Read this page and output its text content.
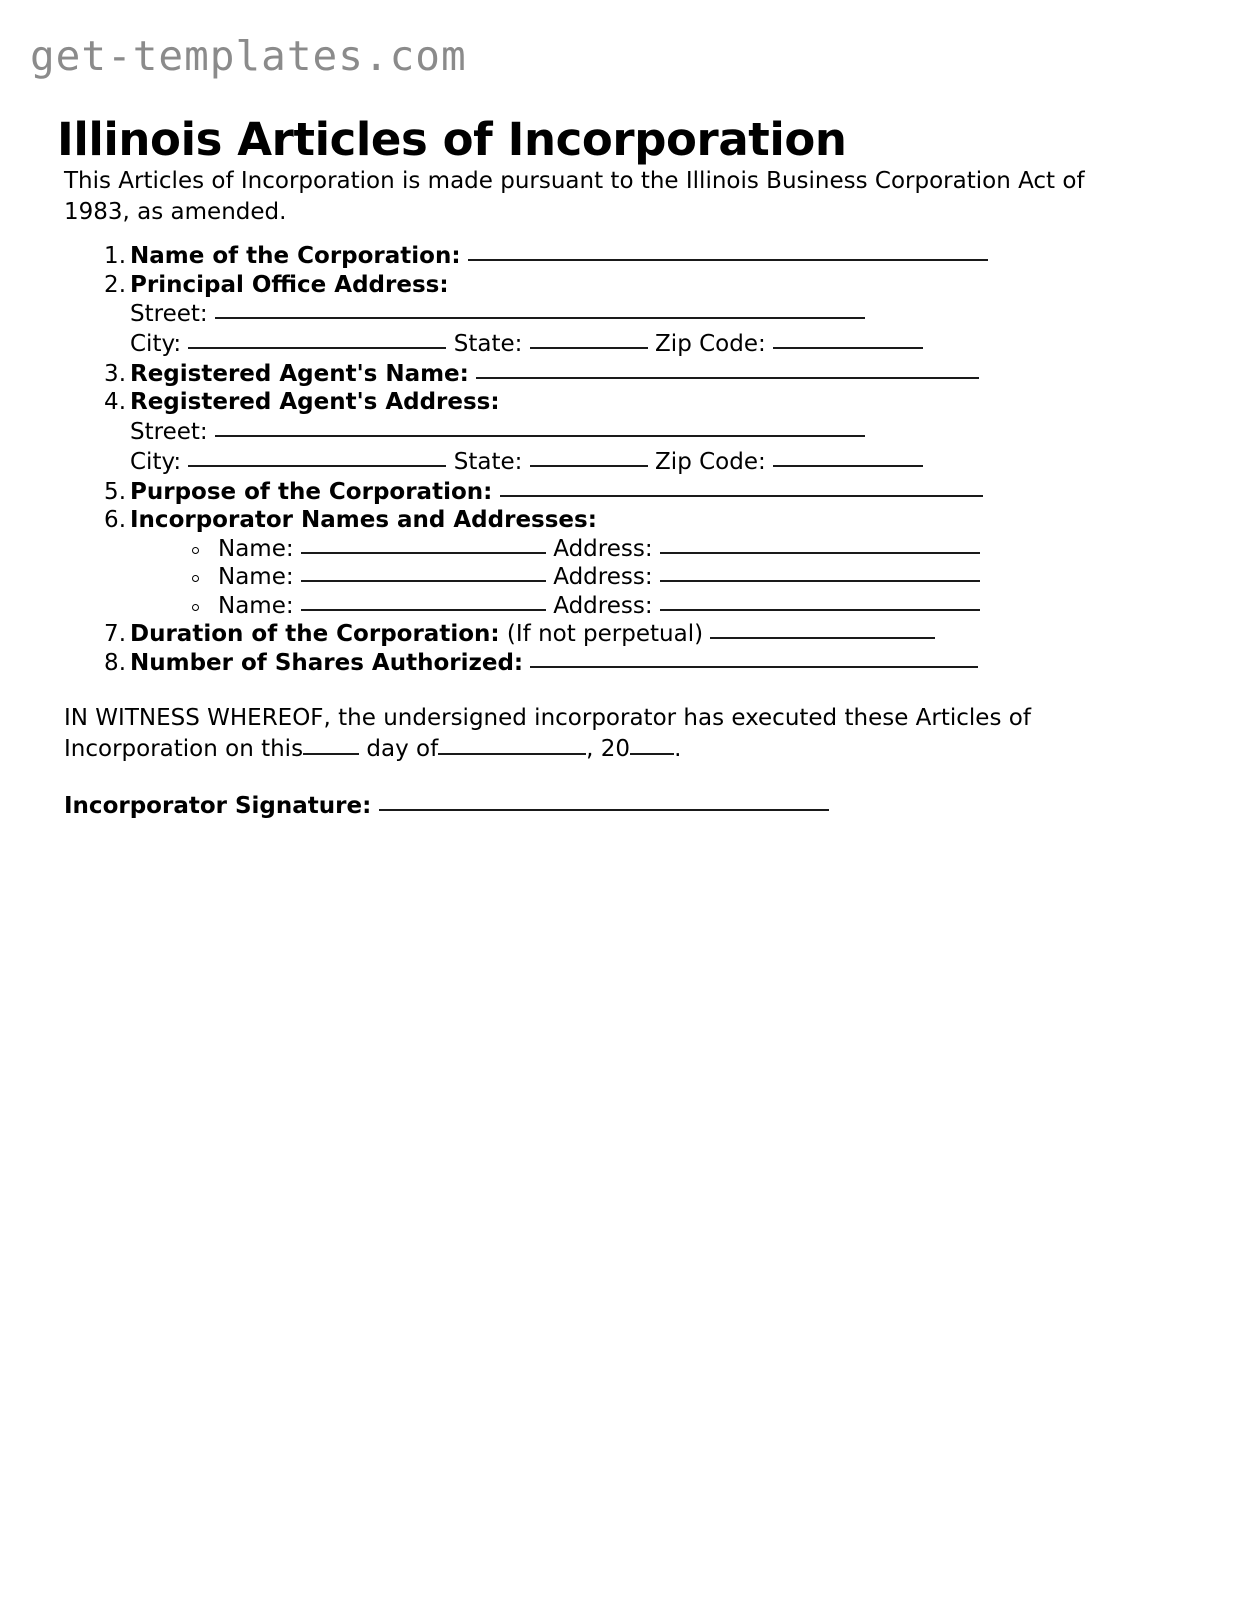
get-templates.com
Illinois Articles of Incorporation

This Articles of Incorporation is made pursuant to the Illinois Business Corporation Act of 1983, as amended.

Name of the Corporation:
Principal Office Address:
Street:
City:	State:	Zip Code:
Registered Agent's Name:
Registered Agent's Address:
Street:
City:	State:	Zip Code:
Purpose of the Corporation:
Incorporator Names and Addresses:
Name:	Address:
Name:	Address:
Name:	Address:
Duration of the Corporation: (If not perpetual)
Number of Shares Authorized:

IN WITNESS WHEREOF, the undersigned incorporator has executed these Articles of Incorporation on this	day of	, 20 .

Incorporator Signature:
